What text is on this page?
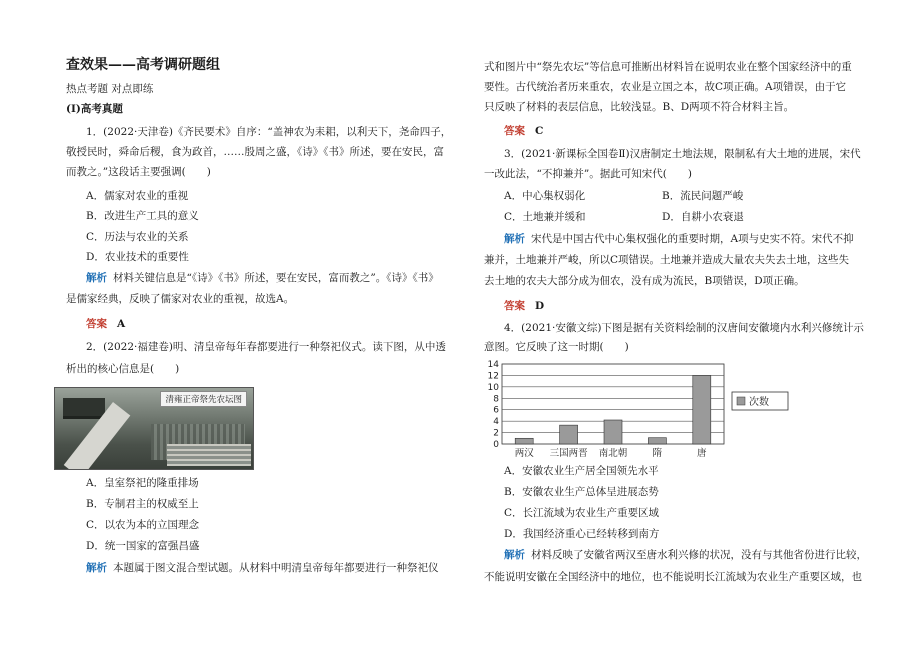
查效果——高考调研题组
热点考题 对点即练
(Ⅰ)高考真题
1．(2022·天津卷)《齐民要术》自序：“盖神农为耒耜，以利天下，尧命四子，
敬授民时，舜命后稷，食为政首，……殷周之盛，《诗》《书》所述，要在安民，富
而教之。”这段话主要强调(　　)
A．儒家对农业的重视
B．改进生产工具的意义
C．历法与农业的关系
D．农业技术的重要性
解析 材料关键信息是“《诗》《书》所述，要在安民，富而教之”。《诗》《书》
是儒家经典，反映了儒家对农业的重视，故选A。
答案 A
2．(2022·福建卷)明、清皇帝每年春都要进行一种祭祀仪式。读下图，从中透
析出的核心信息是(　　)
清雍正帝祭先农坛图
A．皇室祭祀的隆重排场
B．专制君主的权威至上
C．以农为本的立国理念
D．统一国家的富强昌盛
解析 本题属于图文混合型试题。从材料中明清皇帝每年都要进行一种祭祀仪
式和图片中“祭先农坛”等信息可推断出材料旨在说明农业在整个国家经济中的重
要性。古代统治者历来重农，农业是立国之本，故C项正确。A项错误，由于它
只反映了材料的表层信息，比较浅显。B、D两项不符合材料主旨。
答案 C
3．(2021·新课标全国卷Ⅱ)汉唐制定土地法规，限制私有大土地的进展，宋代
一改此法，“不抑兼并”。据此可知宋代(　　)
A．中心集权弱化	B．流民问题严峻
C．土地兼并缓和	D．自耕小农衰退
解析 宋代是中国古代中心集权强化的重要时期，A项与史实不符。宋代不抑
兼并，土地兼并严峻，所以C项错误。土地兼并造成大量农夫失去土地，这些失
去土地的农夫大部分成为佃农，没有成为流民，B项错误，D项正确。
答案 D
4．(2021·安徽文综)下图是据有关资料绘制的汉唐间安徽境内水利兴修统计示
意图。它反映了这一时期(　　)
A．安徽农业生产居全国领先水平
B．安徽农业生产总体呈进展态势
C．长江流域为农业生产重要区域
D．我国经济重心已经转移到南方
解析 材料反映了安徽省两汉至唐水利兴修的状况，没有与其他省份进行比较，
不能说明安徽在全国经济中的地位，也不能说明长江流域为农业生产重要区域，也
0
2
4
6
8
10
12
14
两汉 三国两晋 南北朝	隋	唐
次数
